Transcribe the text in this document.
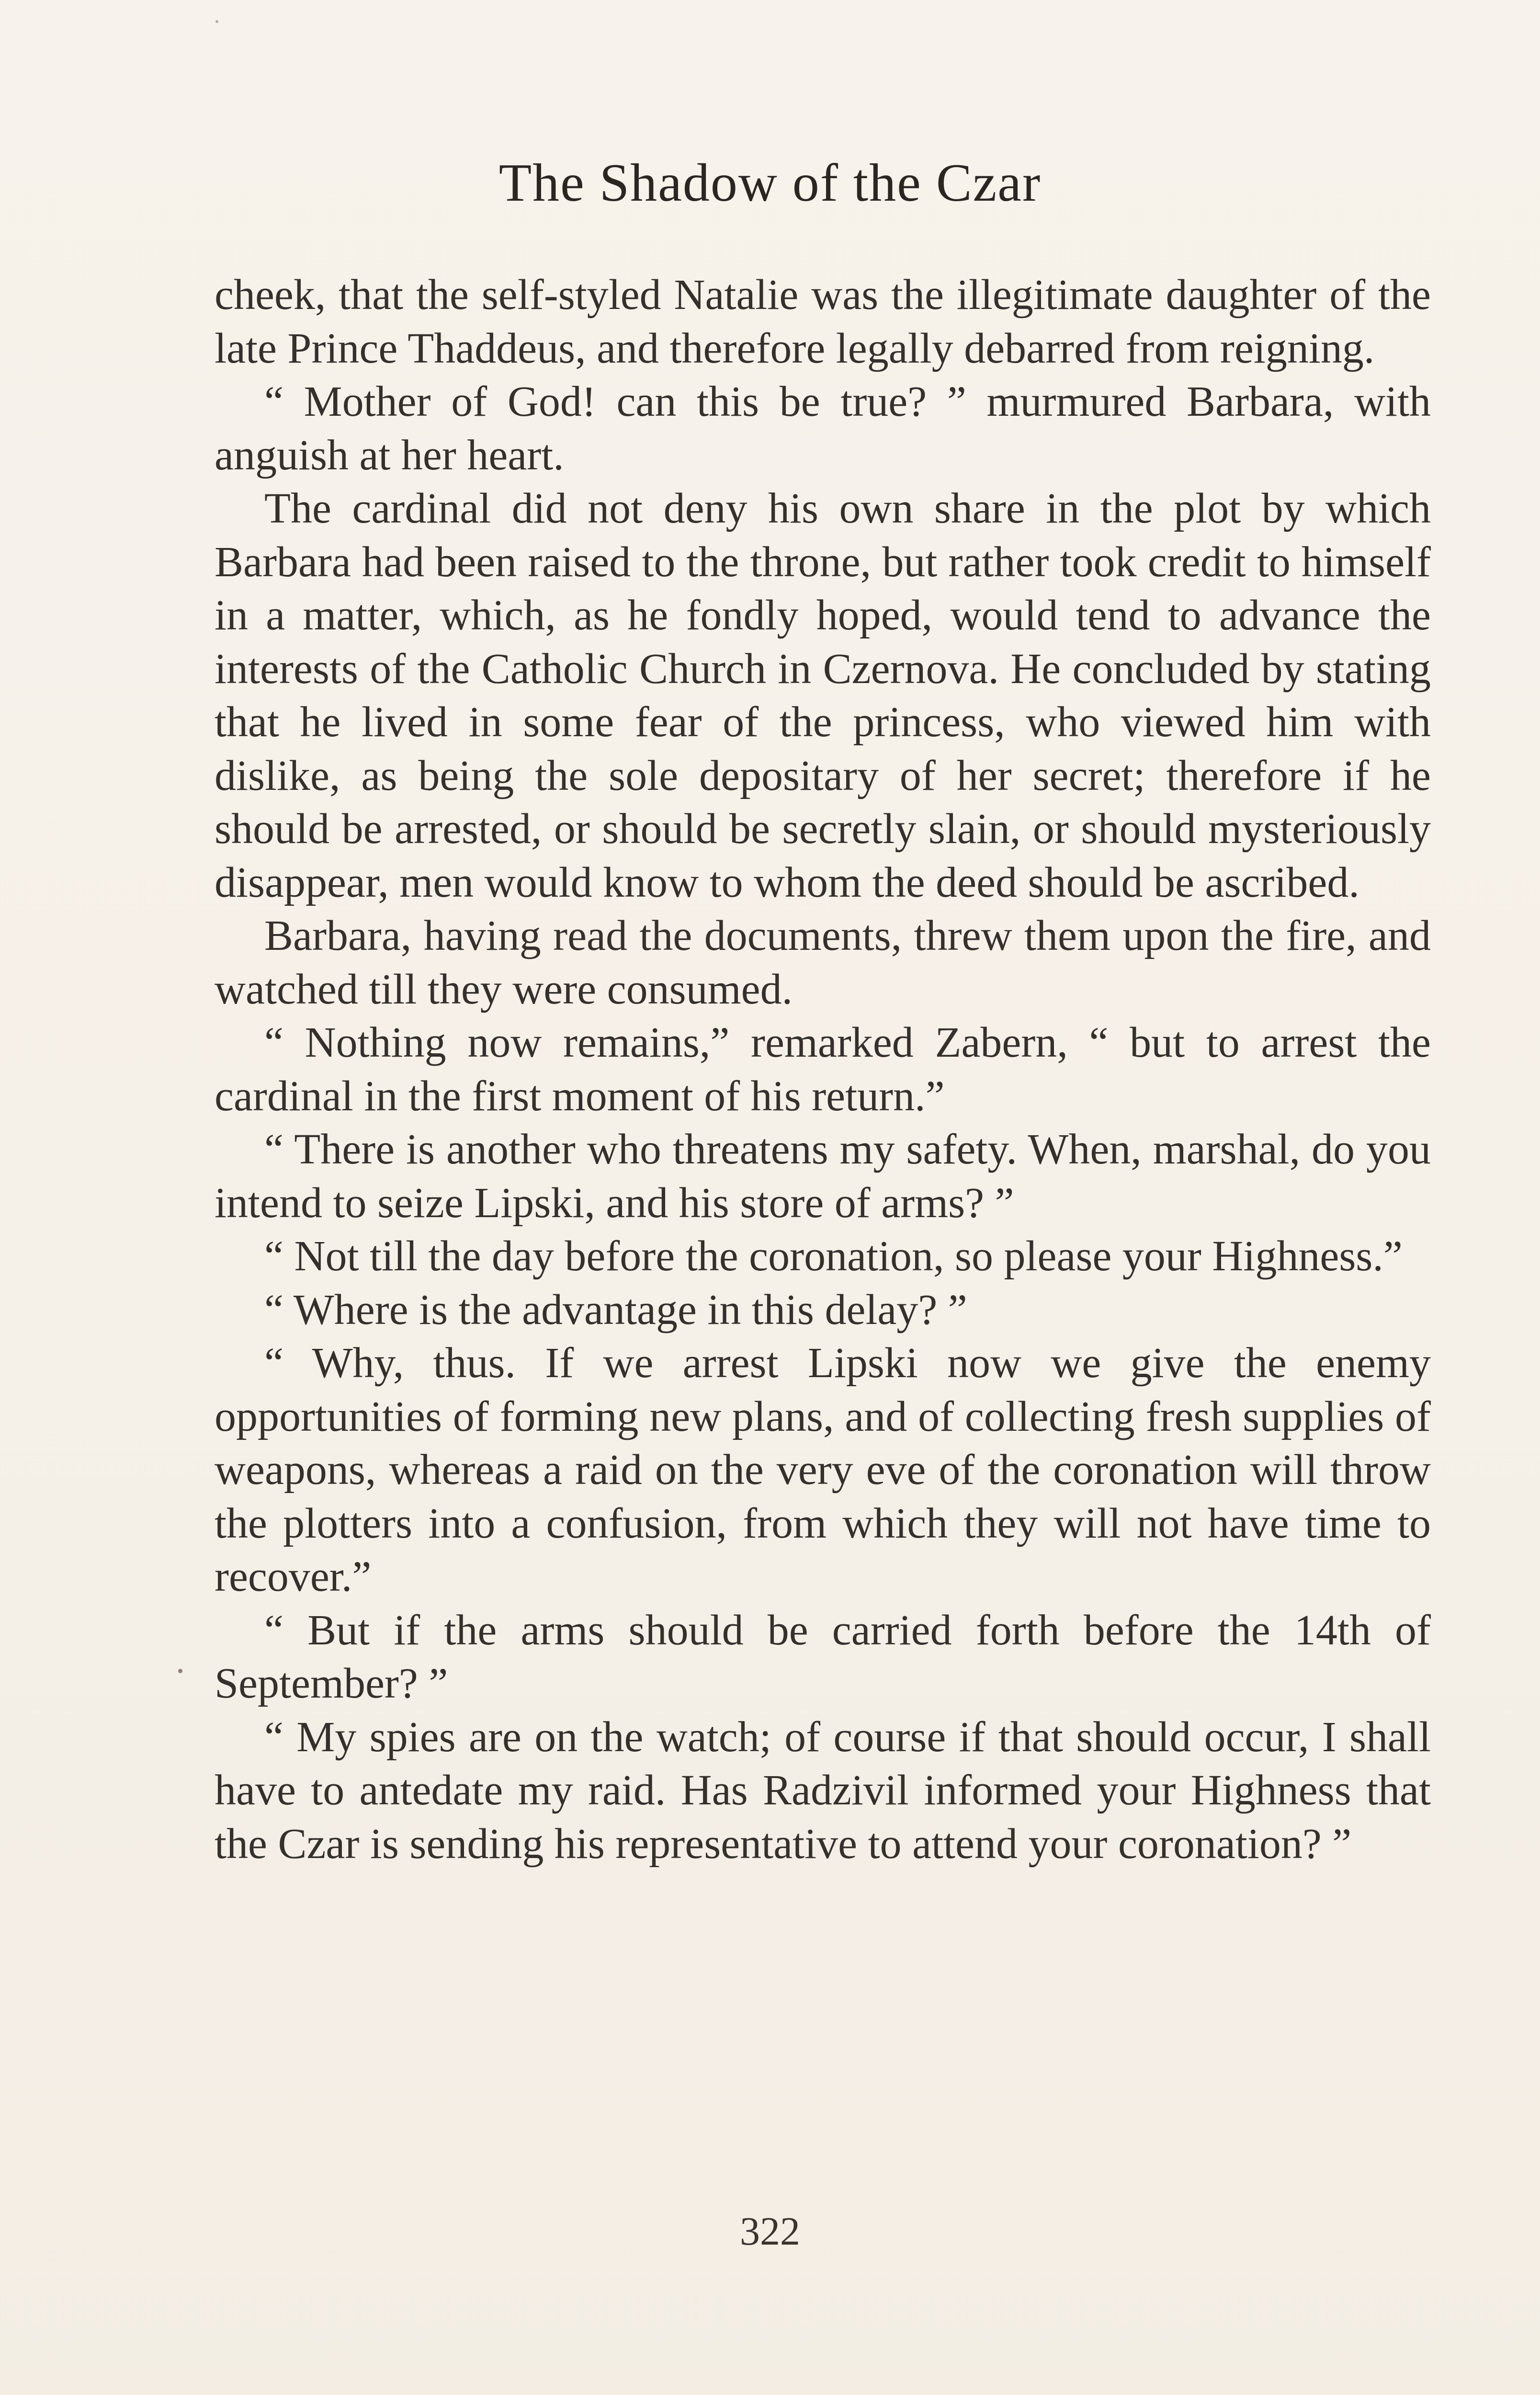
The Shadow of the Czar

cheek, that the self-styled Natalie was the illegitimate daughter of the late Prince Thaddeus, and therefore legally debarred from reigning.

“ Mother of God! can this be true? ” murmured Barbara, with anguish at her heart.

The cardinal did not deny his own share in the plot by which Barbara had been raised to the throne, but rather took credit to himself in a matter, which, as he fondly hoped, would tend to advance the interests of the Catholic Church in Czernova. He concluded by stating that he lived in some fear of the princess, who viewed him with dislike, as being the sole depositary of her secret; therefore if he should be arrested, or should be secretly slain, or should mysteriously disappear, men would know to whom the deed should be ascribed.

Barbara, having read the documents, threw them upon the fire, and watched till they were consumed.

“ Nothing now remains,” remarked Zabern, “ but to arrest the cardinal in the first moment of his return.”

“ There is another who threatens my safety. When, marshal, do you intend to seize Lipski, and his store of arms? ”

“ Not till the day before the coronation, so please your Highness.”

“ Where is the advantage in this delay? ”

“ Why, thus. If we arrest Lipski now we give the enemy opportunities of forming new plans, and of collecting fresh supplies of weapons, whereas a raid on the very eve of the coronation will throw the plotters into a confusion, from which they will not have time to recover.”

“ But if the arms should be carried forth before the 14th of September? ”

“ My spies are on the watch; of course if that should occur, I shall have to antedate my raid. Has Radzivil informed your Highness that the Czar is sending his representative to attend your coronation? ”

322
